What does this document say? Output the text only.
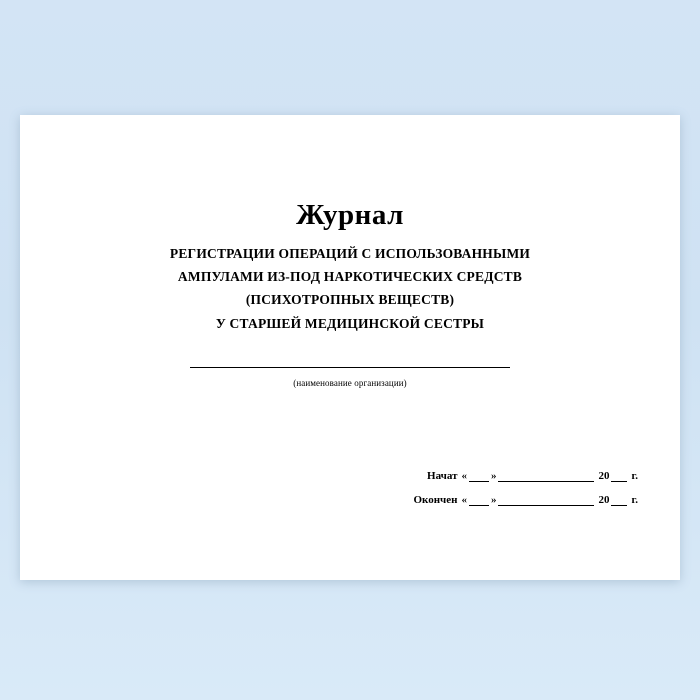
Журнал
РЕГИСТРАЦИИ ОПЕРАЦИЙ С ИСПОЛЬЗОВАННЫМИ
АМПУЛАМИ ИЗ-ПОД НАРКОТИЧЕСКИХ СРЕДСТВ
(ПСИХОТРОПНЫХ ВЕЩЕСТВ)
У СТАРШЕЙ МЕДИЦИНСКОЙ СЕСТРЫ
(наименование организации)
Начат « »	20 г.
Окончен « »	20 г.
